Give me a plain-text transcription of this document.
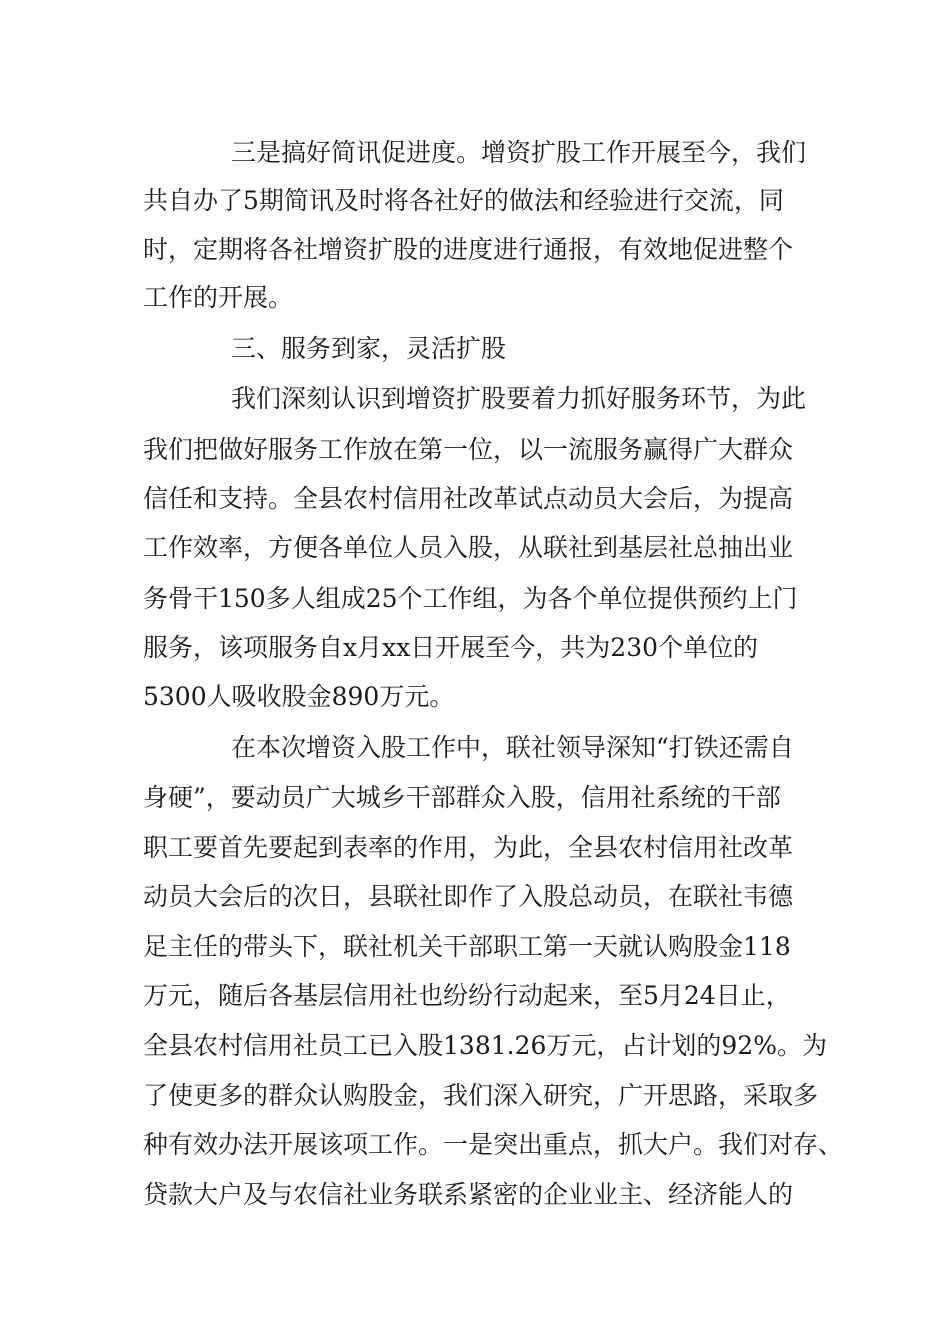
三是搞好简讯促进度。增资扩股工作开展至今，我们

共自办了5期简讯及时将各社好的做法和经验进行交流，同

时，定期将各社增资扩股的进度进行通报，有效地促进整个

工作的开展。

三、服务到家，灵活扩股

我们深刻认识到增资扩股要着力抓好服务环节，为此

我们把做好服务工作放在第一位，以一流服务赢得广大群众

信任和支持。全县农村信用社改革试点动员大会后，为提高

工作效率，方便各单位人员入股，从联社到基层社总抽出业

务骨干150多人组成25个工作组，为各个单位提供预约上门

服务，该项服务自x月xx日开展至今，共为230个单位的

5300人吸收股金890万元。

在本次增资入股工作中，联社领导深知“打铁还需自

身硬”，要动员广大城乡干部群众入股，信用社系统的干部

职工要首先要起到表率的作用，为此，全县农村信用社改革

动员大会后的次日，县联社即作了入股总动员，在联社韦德

足主任的带头下，联社机关干部职工第一天就认购股金118

万元，随后各基层信用社也纷纷行动起来，至5月24日止，

全县农村信用社员工已入股1381.26万元，占计划的92%。为

了使更多的群众认购股金，我们深入研究，广开思路，采取多

种有效办法开展该项工作。一是突出重点，抓大户。我们对存、

贷款大户及与农信社业务联系紧密的企业业主、经济能人的
